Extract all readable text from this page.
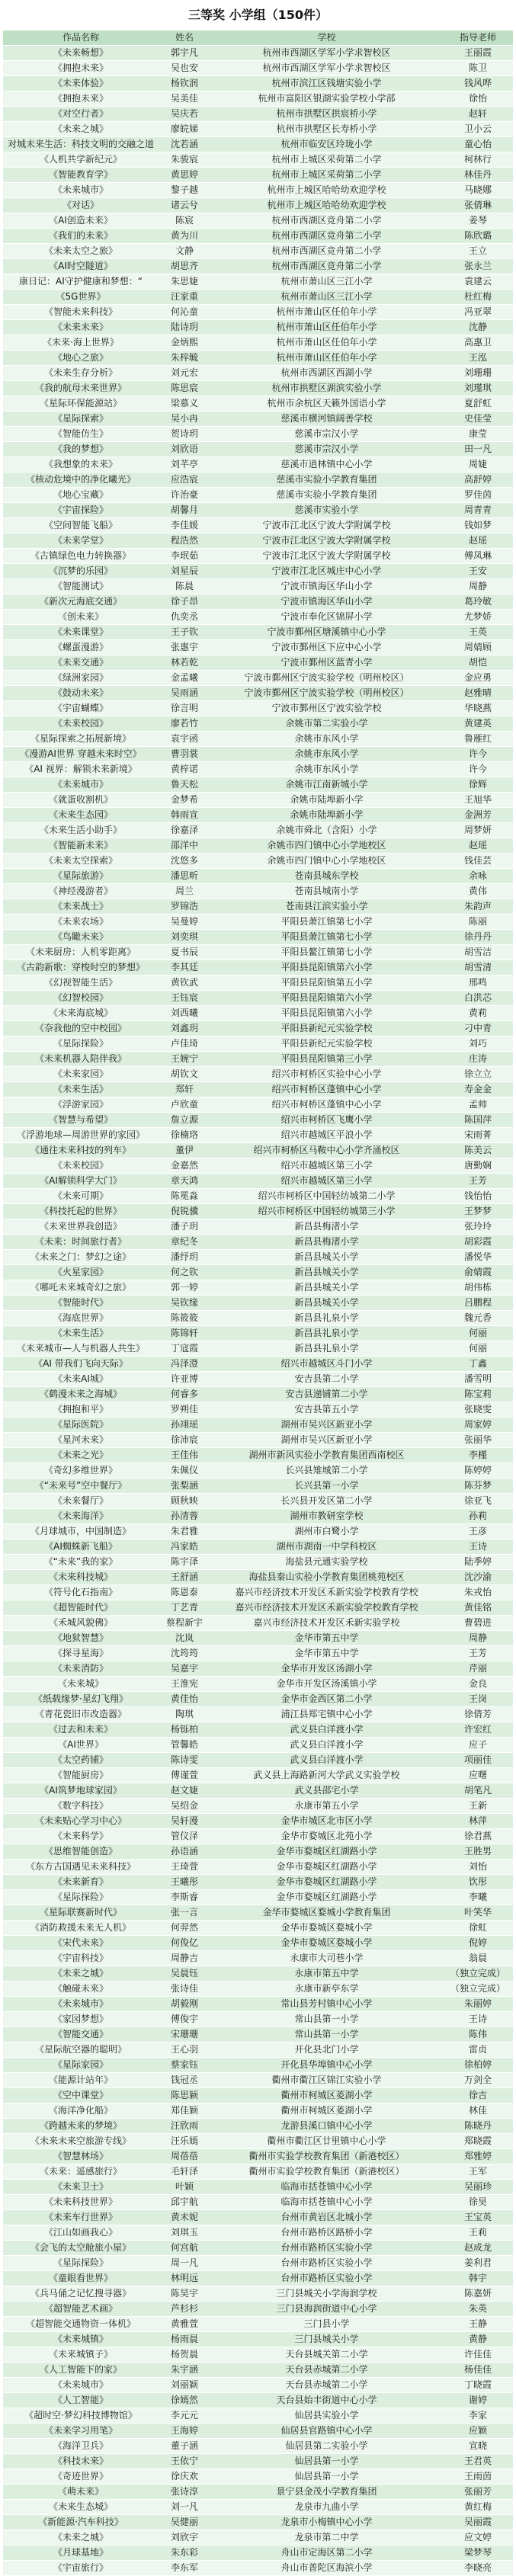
三等奖 小学组（150件）
作品名称	姓名	学校	指导老师
《未来畅想》	郭宇凡	杭州市西湖区学军小学求智校区	王丽霞
《拥抱未来》	吴也安	杭州市西湖区学军小学求智校区	陈卫
《未来体验》	杨钦润	杭州市滨江区钱塘实验小学	钱风哗
《拥抱未来》	吴美佳	杭州市富阳区银湖实验学校小学部	徐怡
《对空行者》	吴庆若	杭州市拱墅区拱宸桥小学	赵轩
《未来之城》	廖皖娣	杭州市拱墅区长寿桥小学	卫小云
对城未来生活：科技文明的交融之道	沈若涵	杭州市临安区玲珑小学	童心怡
《人机共学新纪元》	朱骏宸	杭州市上城区采荷第二小学	柯林行
《智能教育学》	黄思婷	杭州市上城区采荷第二小学	林佳丹
《未来城市》	黎子越	杭州市上城区哈哈幼欢迎学校	马晓娜
《对话》	诸云兮	杭州市上城区哈哈幼欢迎学校	张倩琳
《AI创造未来》	陈宸	杭州市西湖区竞舟第二小学	姜琴
《我们的未来》	黄为川	杭州市西湖区竞舟第二小学	陈欣璐
《未来太空之旅》	文静	杭州市西湖区竞舟第二小学	王立
《AI时空隧道》	胡思齐	杭州市西湖区竞舟第二小学	张永兰
康日记：AI守护健康和梦想：“	朱思婕	杭州市萧山区三江小学	袁建云
《5G世界》	汪家重	杭州市萧山区三江小学	杜红梅
《智能未来科技》	何沁童	杭州市萧山区任伯年小学	冯亚翠
《未来未来》	陆诗玥	杭州市萧山区任伯年小学	沈静
《未来·海上世界》	金炳熙	杭州市萧山区任伯年小学	高惠卫
《地心之旅》	朱梓毓	杭州市萧山区任伯年小学	王泓
《未来生存分析》	刘元宏	杭州市西湖区西湖小学	刘珊珊
《我的航母未来世界》	陈思宸	杭州市拱墅区湖滨实验小学	刘瑾琪
《星际环保能源站》	梁慕义	杭州市余杭区天籁外国语小学	夏舒虹
《星际探索》	吴小冉	慈溪市横河镇阔善学校	史佳莹
《智能仿生》	贺诗玥	慈溪市宗汉小学	康莹
《我的梦想》	刘欣语	慈溪市宗汉小学	田一凡
《我想象的未来》	刘芊亭	慈溪市逍林镇中心小学	周婕
《核动危境中的净化曦光》	应浩宸	慈溪市实验小学教育集团	高舒婷
《地心宝藏》	许治豪	慈溪市实验小学教育集团	罗佳茵
《宇宙探险》	胡馨月	慈溪市实验小学	周青青
《空间智能飞船》	李佳媛	宁波市江北区宁波大学附属学校	钱如梦
《未来学堂》	程浩然	宁波市江北区宁波大学附属学校	赵瑶
《古镇绿色电力转换器》	李珉茹	宁波市江北区宁波大学附属学校	傅凤琳
《沉梦的乐园》	刘星辰	宁波市江北区城庄中心小学	王安
《智能测试》	陈晨	宁波市镇海区华山小学	周静
《新次元海底交通》	徐子昂	宁波市镇海区华山小学	葛玲敏
《创未来》	仇奕丞	宁波市奉化区锦屏小学	尤梦娇
《未来课堂》	王子钦	宁波市鄞州区塘溪镇中心小学	王英
《螺蛋漫游》	张惠宇	宁波市鄞州区下应中心小学	周婧顾
《未来交通》	林若乾	宁波市鄞州区蓝青小学	胡恺
《绿洲家园》	金孟曦	宁波市鄞州区宁波实验学校（明州校区）	金应勇
《鼓动未来》	吴雨涵	宁波市鄞州区宁波实验学校（明州校区）	赵雅晴
《宇宙蝴蝶》	徐言明	宁波市鄞州区宁波实验学校	华晓燕
《未来校园》	廖若竹	余姚市第二实验小学	黄建英
《星际探索之拓展新境》	袁宇函	余姚市东风小学	鲁雁红
《漫游AI世界 穿越未来时空》	曹羽裳	余姚市东风小学	许今
《AI 视界：解锁未来新境》	黄梓诺	余姚市东风小学	许今
《未来城市》	鲁天松	余姚市江南新城小学	徐辉
《就蛋收割机》	金梦希	余姚市陆埠新小学	王旭华
《未来生态园》	韩雨宣	余姚市陆埠新小学	金洲芳
《未来生活小助手》	徐嘉泽	余姚市舜北（含阳）小学	周梦妍
《智能新未来》	邵洋中	余姚市四门镇中心小学地校区	赵瑶
《未来太空探索》	沈悠多	余姚市四门镇中心小学地校区	钱佳芸
《星际旅游》	潘思昕	苍南县城东学校	余咏
《神经漫游者》	周兰	苍南县城南小学	黄伟
《未来战士》	罗锦浩	苍南县江滨实验小学	朱韵声
《未来农场》	吴曼婷	平阳县萧江镇第七小学	陈丽
《鸟瞰未来》	刘奕琪	平阳县萧江镇第七小学	徐丹丹
《未来厨房：人机零距离》	夏书辰	平阳县鳌江镇第七小学	胡雪洁
《古韵新歌：穿梭时空的梦想》	李其廷	平阳县昆阳镇第六小学	胡雪清
《幻视智能生活》	黄钦武	平阳县昆阳镇第五小学	邢鸣
《幻智校园》	王钰宸	平阳县昆阳镇第六小学	白洪芯
《未来海底城》	刘西曦	平阳县昆阳镇第六小学	黄莉
《奈我他的空中校园》	刘鑫玥	平阳县新纪元实验学校	刁中青
《星际探险》	卢佳琦	平阳县新纪元实验学校	刘巧
《未来机器人陪伴我》	王婉宁	平阳县昆阳镇第三小学	庄涛
《未来家园》	胡钦文	绍兴市柯桥区实验中心小学	徐立立
《未来生活》	郑轩	绍兴市柯桥区蓬镇中心小学	寿金金
《浮游家园》	卢欣童	绍兴市柯桥区蓬镇中心小学	孟帅
《智慧与希望》	詹立源	绍兴市柯桥区飞鹰小学	陈国萍
《浮游地球—周游世界的家园》	徐楠珞	绍兴市越城区平浪小学	宋雨菁
《通往未来科技的列车》	董伊	绍兴市柯桥区马鞍中心小学齐涌校区	陈美云
《未来校园》	金嘉然	绍兴市越城区第三小学	唐勤娴
《AI解锁科学大门》	章天鸿	绍兴市越城区第三小学	王芳
《未来可期》	陈冕淼	绍兴市柯桥区中国轻纺城第二小学	钱怡怡
《科技托起的世界》	倪锐骥	绍兴市柯桥区中国轻纺城第三小学	王梦梦
《未来世界我创造》	潘子玥	新昌县梅渚小学	张玲玲
《未来：时间旅行者》	章纪冬	新昌县梅渚小学	胡彩霞
《未来之门：梦幻之途》	潘纾玥	新昌县城关小学	潘悦华
《火星家园》	何之钦	新昌县城关小学	俞婧霞
《哪吒未来城奇幻之旅》	郭一婷	新昌县城关小学	胡伟栋
《智能时代》	吴钦缘	新昌县城关小学	吕鹏程
《海底世界》	陈筱筱	新昌县礼泉小学	魏元香
《未来生活》	陈锦轩	新昌县礼泉小学	何丽
《未来城市—人与机器人共生》	丁寇霞	新昌县礼泉小学	何丽
《AI 带我们飞向天际》	冯泽澄	绍兴市越城区斗门小学	丁鑫
《未来AI城》	许亚博	安吉县第二小学	潘雪明
《鹤漫未来之海城》	何睿多	安吉县递铺第二小学	陈宝莉
《拥抱和平》	罗朔佳	安吉县第五小学	张晓雯
《星际医院》	孙翊瑶	湖州市吴兴区新亚小学	周家婷
《星河未来》	徐沛宸	湖州市吴兴区新亚小学	张丽华
《未来之光》	王佳伟	湖州市新风实验小学教育集团西南校区	李槿
《奇幻多维世界》	朱佩仪	长兴县雉城第二小学	陈婷婷
《“未来号”空中餐厅》	张梨涵	长兴县第一小学	陈芬梦
《未来餐厅》	顾秋映	长兴县开发区第二小学	徐亚飞
《未来海洋》	孙清蓉	湖州市教研室学校	孙莉
《月球城市，中国制造》	朱君雅	湖州市白鹭小学	王彦
《AI蜘蛛新飞船》	冯家皓	湖州市湖南一中学科校区	王诗
《“未来”我的家》	陈宇泽	海盐县元通实验学校	陆季婷
《未来科技城》	王舒涵	海盐县秦山实验小学教育集团桃苑校区	沈沙渝
《符号化石指南》	陈恩泰	嘉兴市经济技术开发区禾新实验学校教育学校	朱戎怡
《超智能时代》	丁艺青	嘉兴市经济技术开发区禾新实验学校教育学校	黄佳铭
《禾城风貌佛》	蔡程新宇	嘉兴市经济技术开发区禾新实验学校	曹碧进
《地狱智慧》	沈岚	金华市第五中学	周静
《探寻星海》	沈筠筠	金华市第五中学	王芳
《未来消防》	吴嘉宇	金华市开发区汤湖小学	芹丽
《未来城》	王淮宪	金华市开发区汤溪镇小学	金良
《纸载缘梦·星幻飞翔》	黄佳怡	金华市金西区第二小学	王岗
《青花瓷旧市改造器》	陶琪	浦江县郑宅镇中心小学	徐倩芳
《过去和未来》	杨铄柏	武义县白洋渡小学	许宏红
《AI世界》	管馨皓	武义县白洋渡小学	应子
《太空药铺》	陈诗雯	武义县白洋渡小学	项丽佳
《智能厨房》	傅谨萱	武义县上海路新河大学武义实验学校	应曙
《AI筑梦地球家园》	赵文婕	武义县邵宅小学	胡笔凡
《数字科技》	吴绍金	永康市第五小学	王新
《未来贴心学习中心》	吴轩漫	金华市城区北市区小学	林萍
《未来科学》	管仪泽	金华市婺城区北苑小学	徐君燕
《思维智能创造》	孙语涵	金华市婺城区红湖路小学	王胜男
《东方古国遇见未来科技》	王琦萱	金华市婺城区红湖路小学	刘怡
《未来新育》	王曦彤	金华市婺城区红湖路小学	饮彤
《星际探险》	李斯睿	金华市婺城区红湖路小学	李曦
《星际联赛新时代》	张一言	金华市婺城区婺城小学教育集团	叶笑华
《消防救援未来无人机》	何羿然	金华市婺城区婺城小学	徐虹
《宋代未来》	何俊亿	金华市婺城区婺城小学	倪婷
《宇宙科技》	周静吉	永康市大司巷小学	翁晨
《未来之城》	吴晨钰	永康市第五中学	（独立完成）
《触碰未来》	张诗佳	永康市新亭东学	（独立完成）
《未来城市》	胡毅刚	常山县芳村镇中心小学	朱丽婷
《家园梦想》	傅俊宇	常山县第一小学	王诗
《智能交通》	宋珊珊	常山县第一小学	陈伟
《星际航空器的聪明》	王心羽	开化县北门小学	雷贞
《星际家园》	蔡家钰	开化县华埠镇中心小学	徐柏婷
《能源计站年》	钱冠丞	衢州市衢江区锦江实验小学	万剑全
《空中课堂》	陈思颖	衢州市柯城区菱湖小学	徐吉
《海洋净化船》	郑佳颖	衢州市柯城区菱湖小学	林佳
《跨越未来的梦境》	汪欣雨	龙游县溪口镇中心小学	陈晓丹
《未来未来空旅游专线》	汪乐嫣	衢州市衢江区廿里镇中心小学	郑晓霞
《智慧林场》	周蓓蓓	衢州市实验学校教育集团（新港校区）	郑雅婷
《未来：遥感旅行》	毛轩泽	衢州市实验学校教育集团（新港校区）	王军
《未来卫士》	叶颖	临海市括苍镇中心小学	吴丽珍
《未来科技世界》	邱宇航	临海市括苍镇中心小学	徐昊
《未来车行世界》	黄未妮	台州市黄岩区北城小学	王宝英
《江山如画我心》	刘琪玉	台州市路桥区路桥小学	王莉
《会飞的太空舱旅小屋》	何宫航	台州市路桥区实验小学	赵成龙
《星际探险》	周一凡	台州市路桥区实验小学	姜利君
《童眼看世界》	林明远	台州市路桥区实验小学	韩宇
《兵马俑之记忆搜寻器》	陈昊宇	三门县城关小学海润学校	陈嘉妍
《超智能艺术画》	芦杉杉	三门县海润街道中心小学	朱英
《超智能交通物资一体机》	黄雅萱	三门县小学	王静
《未来城镇》	杨雨晨	三门县城关小学	黄静
《未来城镇子》	杨贺晨	天台县城关第二小学	许佳佳
《人工智能下的家》	朱宇涵	天台县赤城第二小学	杨佳佳
《未来城市》	刘丽颖	天台县赤城第二小学	丁晓霞
《人工智能》	徐嫣然	天台县始丰街道中心小学	谢婷
《超时空·梦幻科技博物馆》	李元元	仙居县实验小学	李家
《未来学习用笔》	王海婷	仙居县官路镇中心小学	应颖
《海洋卫兵》	董子涵	仙居县第二实验小学	宣晓
《科技未来》	王依宁	仙居县第一小学	王君英
《奇迹世界》	徐庆欢	仙居县第一小学	王雨茵
《萌未来》	张诗淳	景宁县金茂小学教育集团	张丽芳
《未来生态城》	刘一凡	龙泉市九曲小学	黄红梅
《新能源·汽车科技》	吴健丽	龙泉市小梅镇中心小学	吴丽霞
《未来之城》	刘欣宇	龙泉市第二中学	应文婷
《月球基地》	朱东彩	舟山市定海区第二小学	梁梦琴
《宇宙旅行》	李东军	舟山市普陀区海滨小学	李晓亮
